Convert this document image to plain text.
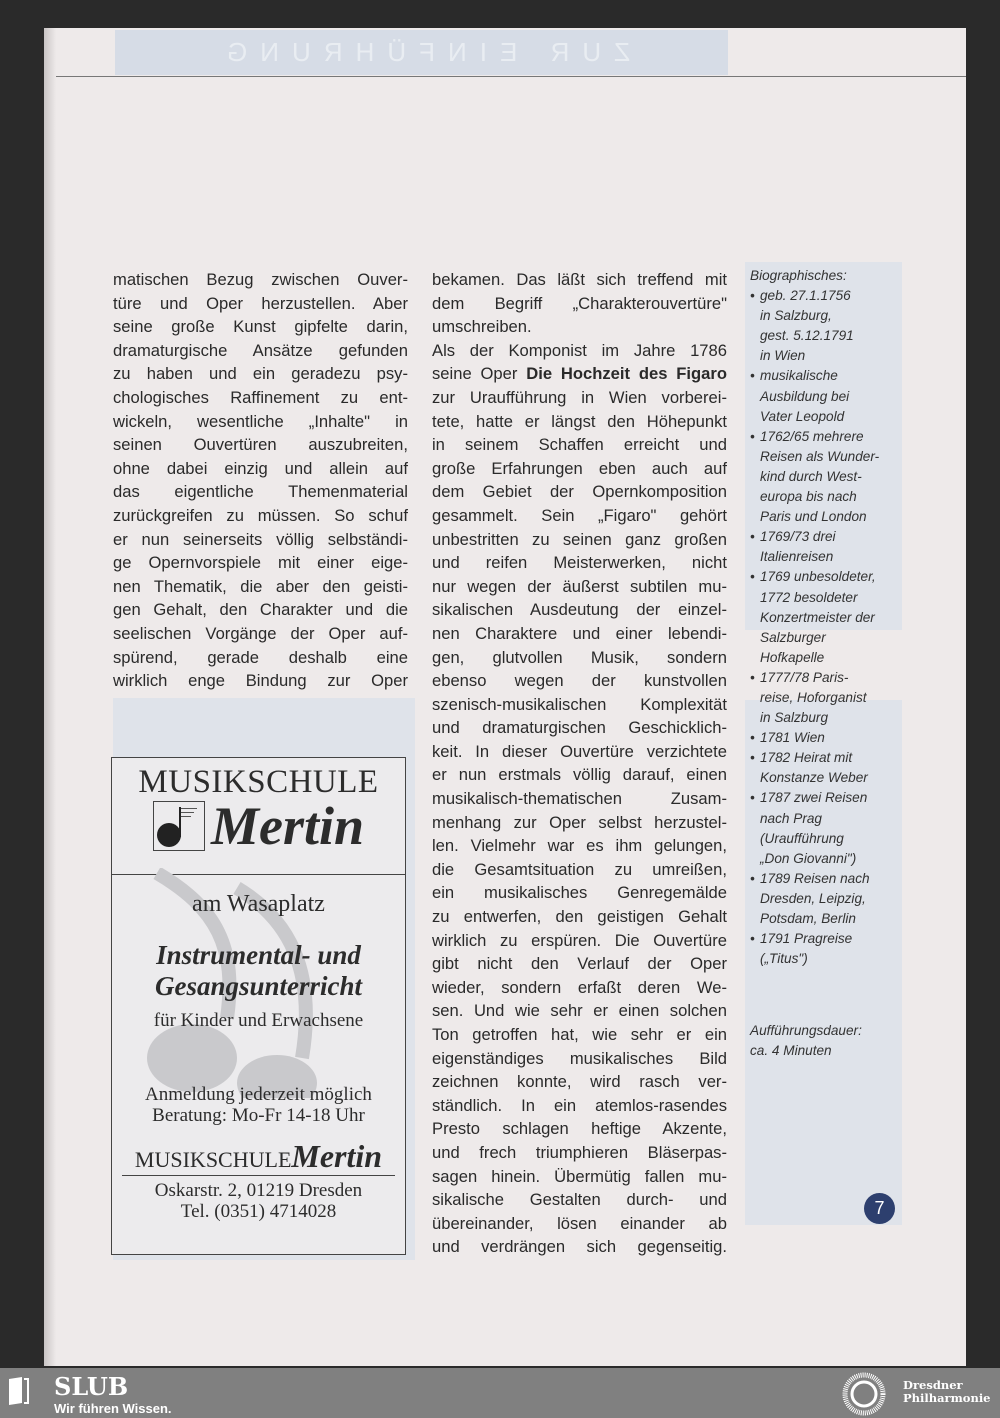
ZUR EINFÜHRUNG
matischen Bezug zwischen Ouver-
türe und Oper herzustellen. Aber
seine große Kunst gipfelte darin,
dramaturgische Ansätze gefunden
zu haben und ein geradezu psy-
chologisches Raffinement zu ent-
wickeln, wesentliche „Inhalte" in
seinen Ouvertüren auszubreiten,
ohne dabei einzig und allein auf
das eigentliche Themenmaterial
zurückgreifen zu müssen. So schuf
er nun seinerseits völlig selbständi-
ge Opernvorspiele mit einer eige-
nen Thematik, die aber den geisti-
gen Gehalt, den Charakter und die
seelischen Vorgänge der Oper auf-
spürend, gerade deshalb eine
wirklich enge Bindung zur Oper
bekamen. Das läßt sich treffend mit
dem Begriff „Charakterouvertüre"
umschreiben.
Als der Komponist im Jahre 1786
seine Oper Die Hochzeit des Figaro
zur Uraufführung in Wien vorberei-
tete, hatte er längst den Höhepunkt
in seinem Schaffen erreicht und
große Erfahrungen eben auch auf
dem Gebiet der Opernkomposition
gesammelt. Sein „Figaro" gehört
unbestritten zu seinen ganz großen
und reifen Meisterwerken, nicht
nur wegen der äußerst subtilen mu-
sikalischen Ausdeutung der einzel-
nen Charaktere und einer lebendi-
gen, glutvollen Musik, sondern
ebenso wegen der kunstvollen
szenisch-musikalischen Komplexität
und dramaturgischen Geschicklich-
keit. In dieser Ouvertüre verzichtete
er nun erstmals völlig darauf, einen
musikalisch-thematischen Zusam-
menhang zur Oper selbst herzustel-
len. Vielmehr war es ihm gelungen,
die Gesamtsituation zu umreißen,
ein musikalisches Genregemälde
zu entwerfen, den geistigen Gehalt
wirklich zu erspüren. Die Ouvertüre
gibt nicht den Verlauf der Oper
wieder, sondern erfaßt deren We-
sen. Und wie sehr er einen solchen
Ton getroffen hat, wie sehr er ein
eigenständiges musikalisches Bild
zeichnen konnte, wird rasch ver-
ständlich. In ein atemlos-rasendes
Presto schlagen heftige Akzente,
und frech triumphieren Bläserpas-
sagen hinein. Übermütig fallen mu-
sikalische Gestalten durch- und
übereinander, lösen einander ab
und verdrängen sich gegenseitig.
Biographisches:
• geb. 27.1.1756
in Salzburg,
gest. 5.12.1791
in Wien
• musikalische
Ausbildung bei
Vater Leopold
• 1762/65 mehrere
Reisen als Wunder-
kind durch West-
europa bis nach
Paris und London
• 1769/73 drei
Italienreisen
• 1769 unbesoldeter,
1772 besoldeter
Konzertmeister der
Salzburger
Hofkapelle
• 1777/78 Paris-
reise, Hoforganist
in Salzburg
• 1781 Wien
• 1782 Heirat mit
Konstanze Weber
• 1787 zwei Reisen
nach Prag
(Uraufführung
„Don Giovanni")
• 1789 Reisen nach
Dresden, Leipzig,
Potsdam, Berlin
• 1791 Pragreise
(„Titus")
Aufführungsdauer:
ca. 4 Minuten
MUSIKSCHULE
Mertin
am Wasaplatz
Instrumental- und
Gesangsunterricht
für Kinder und Erwachsene
Anmeldung jederzeit möglich
Beratung: Mo-Fr 14-18 Uhr
MUSIKSCHULEMertin
Oskarstr. 2, 01219 Dresden
Tel. (0351) 4714028	7
SLUB
Wir führen Wissen.
Dresdner
Philharmonie
